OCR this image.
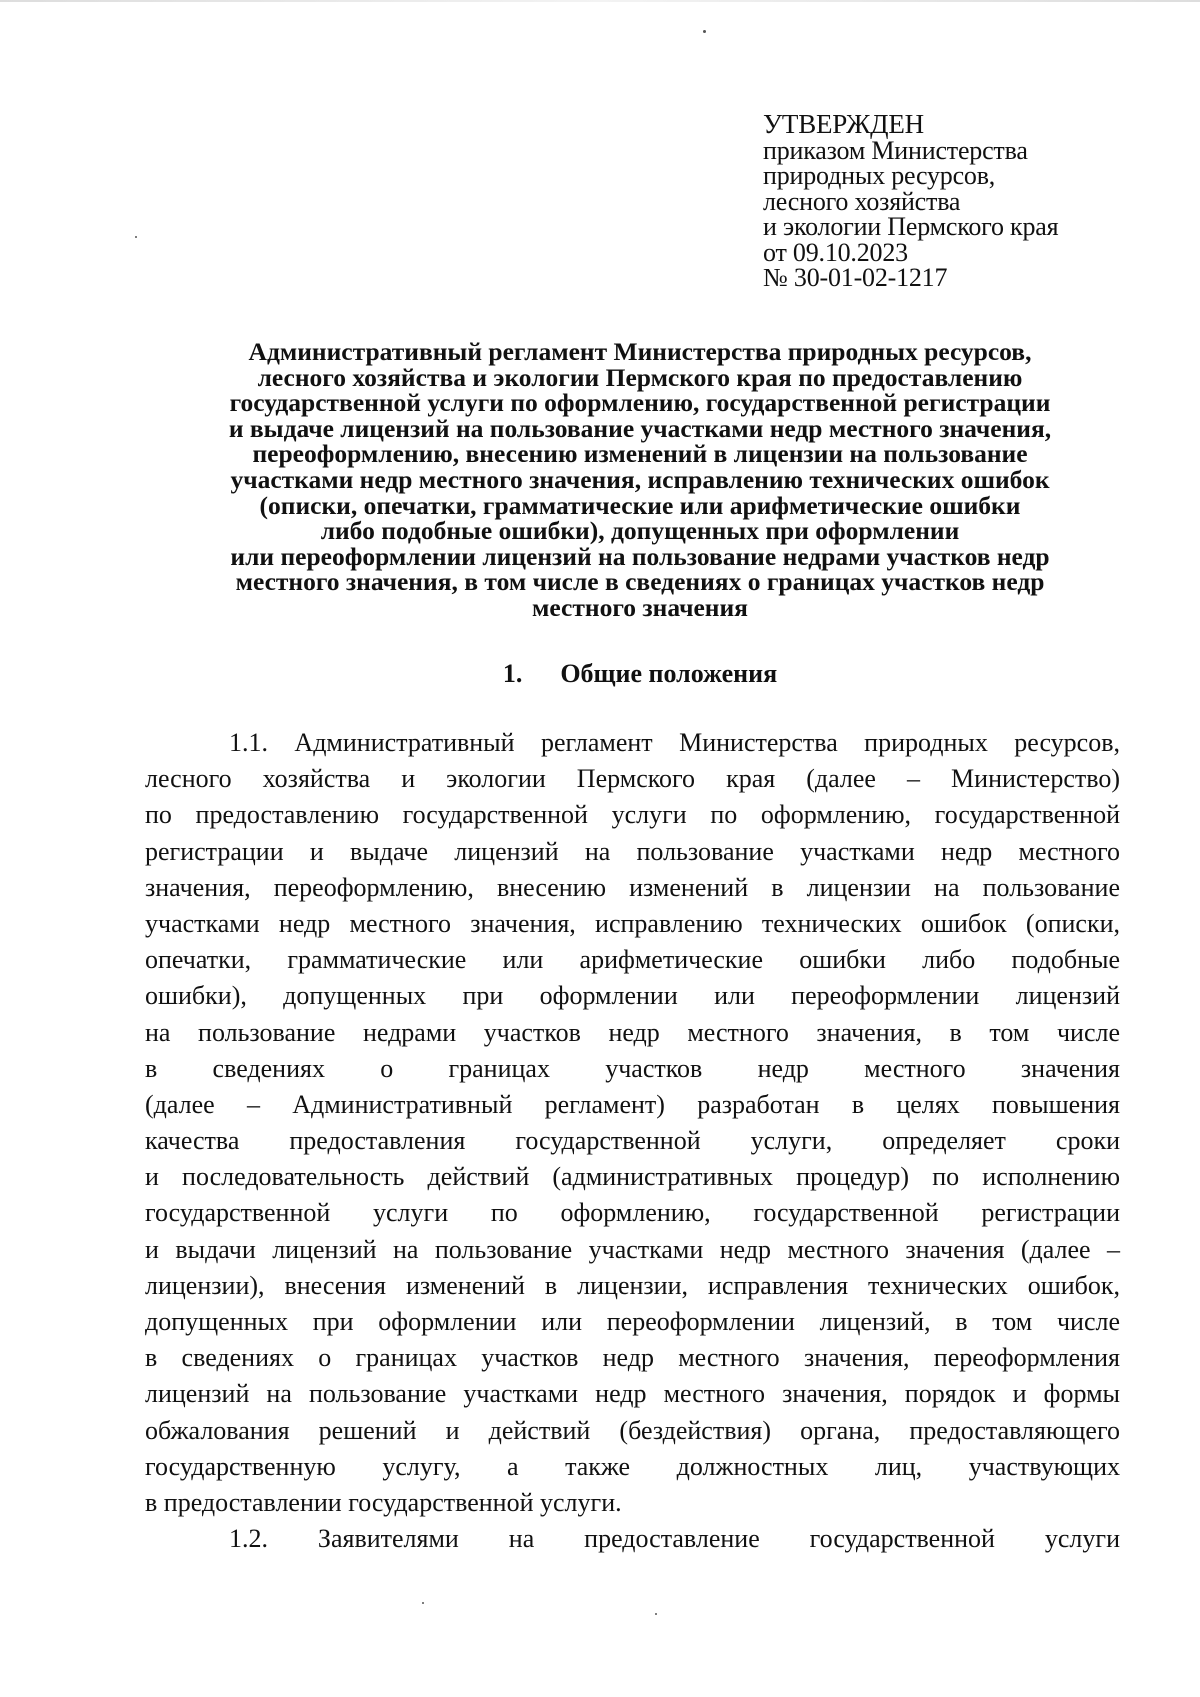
УТВЕРЖДЕН
приказом Министерства
природных ресурсов,
лесного хозяйства
и экологии Пермского края
от 09.10.2023
№ 30-01-02-1217
Административный регламент Министерства природных ресурсов,
лесного хозяйства и экологии Пермского края по предоставлению
государственной услуги по оформлению, государственной регистрации
и выдаче лицензий на пользование участками недр местного значения,
переоформлению, внесению изменений в лицензии на пользование
участками недр местного значения, исправлению технических ошибок
(описки, опечатки, грамматические или арифметические ошибки
либо подобные ошибки), допущенных при оформлении
или переоформлении лицензий на пользование недрами участков недр
местного значения, в том числе в сведениях о границах участков недр
местного значения
1. Общие положения
1.1. Административный регламент Министерства природных ресурсов,
лесного хозяйства и экологии Пермского края (далее – Министерство)
по предоставлению государственной услуги по оформлению, государственной
регистрации и выдаче лицензий на пользование участками недр местного
значения, переоформлению, внесению изменений в лицензии на пользование
участками недр местного значения, исправлению технических ошибок (описки,
опечатки, грамматические или арифметические ошибки либо подобные
ошибки), допущенных при оформлении или переоформлении лицензий
на пользование недрами участков недр местного значения, в том числе
в сведениях о границах участков недр местного значения
(далее – Административный регламент) разработан в целях повышения
качества предоставления государственной услуги, определяет сроки
и последовательность действий (административных процедур) по исполнению
государственной услуги по оформлению, государственной регистрации
и выдачи лицензий на пользование участками недр местного значения (далее –
лицензии), внесения изменений в лицензии, исправления технических ошибок,
допущенных при оформлении или переоформлении лицензий, в том числе
в сведениях о границах участков недр местного значения, переоформления
лицензий на пользование участками недр местного значения, порядок и формы
обжалования решений и действий (бездействия) органа, предоставляющего
государственную услугу, а также должностных лиц, участвующих
в предоставлении государственной услуги.
1.2. Заявителями на предоставление государственной услуги
